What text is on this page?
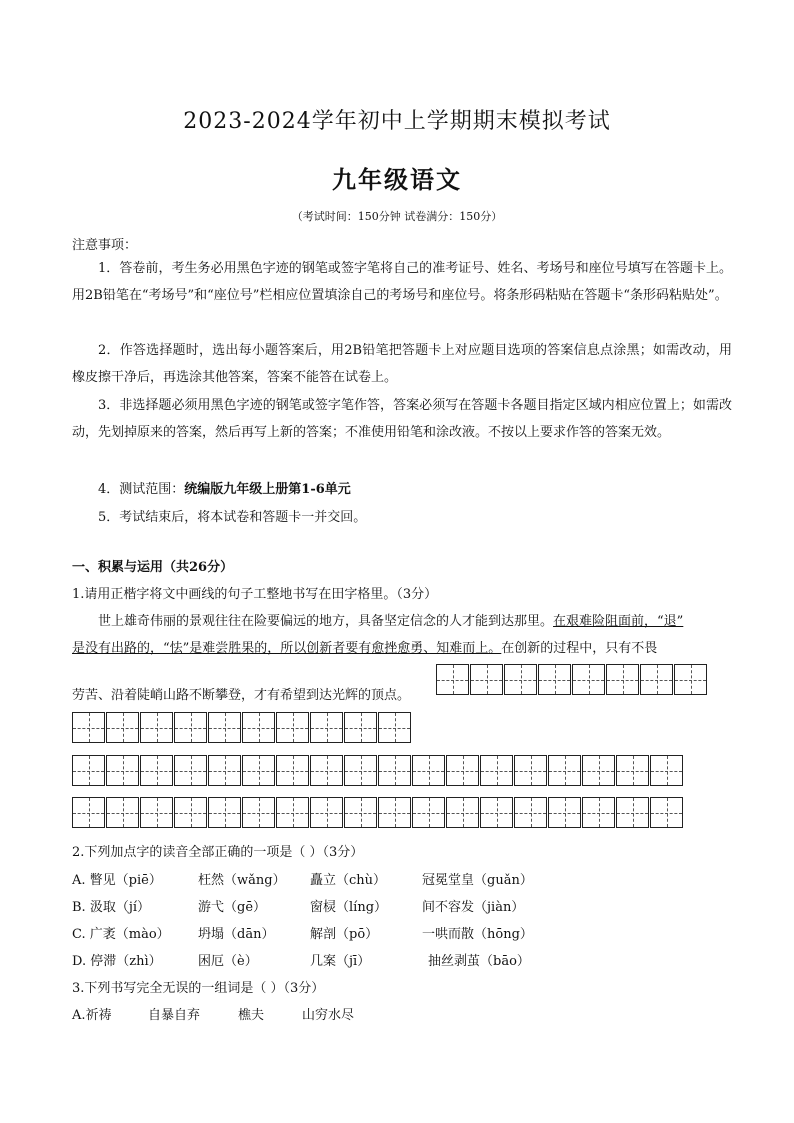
2023-2024学年初中上学期期末模拟考试
九年级语文
（考试时间：150分钟 试卷满分：150分）
注意事项：
1．答卷前，考生务必用黑色字迹的钢笔或签字笔将自己的准考证号、姓名、考场号和座位号填写在答题卡上。用2B铅笔在“考场号”和“座位号”栏相应位置填涂自己的考场号和座位号。将条形码粘贴在答题卡“条形码粘贴处”。
2．作答选择题时，选出每小题答案后，用2B铅笔把答题卡上对应题目选项的答案信息点涂黑；如需改动，用橡皮擦干净后，再选涂其他答案，答案不能答在试卷上。
3．非选择题必须用黑色字迹的钢笔或签字笔作答，答案必须写在答题卡各题目指定区域内相应位置上；如需改动，先划掉原来的答案，然后再写上新的答案；不准使用铅笔和涂改液。不按以上要求作答的答案无效。
4．测试范围：统编版九年级上册第1-6单元
5．考试结束后，将本试卷和答题卡一并交回。
一、积累与运用（共26分）
1.请用正楷字将文中画线的句子工整地书写在田字格里。（3分）
世上雄奇伟丽的景观往往在险要偏远的地方，具备坚定信念的人才能到达那里。在艰难险阻面前，“退”
是没有出路的，“怯”是难尝胜果的，所以创新者要有愈挫愈勇、知难而上。在创新的过程中，只有不畏
劳苦、沿着陡峭山路不断攀登，才有希望到达光辉的顶点。
2.下列加点字的读音全部正确的一项是（ ）（3分）
A. 瞥见（piē）	枉然（wǎng） 矗立（chù）	冠冕堂皇（guǎn）
B. 汲取（jí）	游弋（gē）	窗棂（líng）	间不容发（jiàn）
C. 广袤（mào） 坍塌（dān）	解剖（pō）	一哄而散（hōng）
D. 停滞（zhì）	困厄（è）	几案（jī）	抽丝剥茧（bāo）
3.下列书写完全无误的一组词是（ ）（3分）
A.祈祷	自暴自弃	樵夫	山穷水尽
